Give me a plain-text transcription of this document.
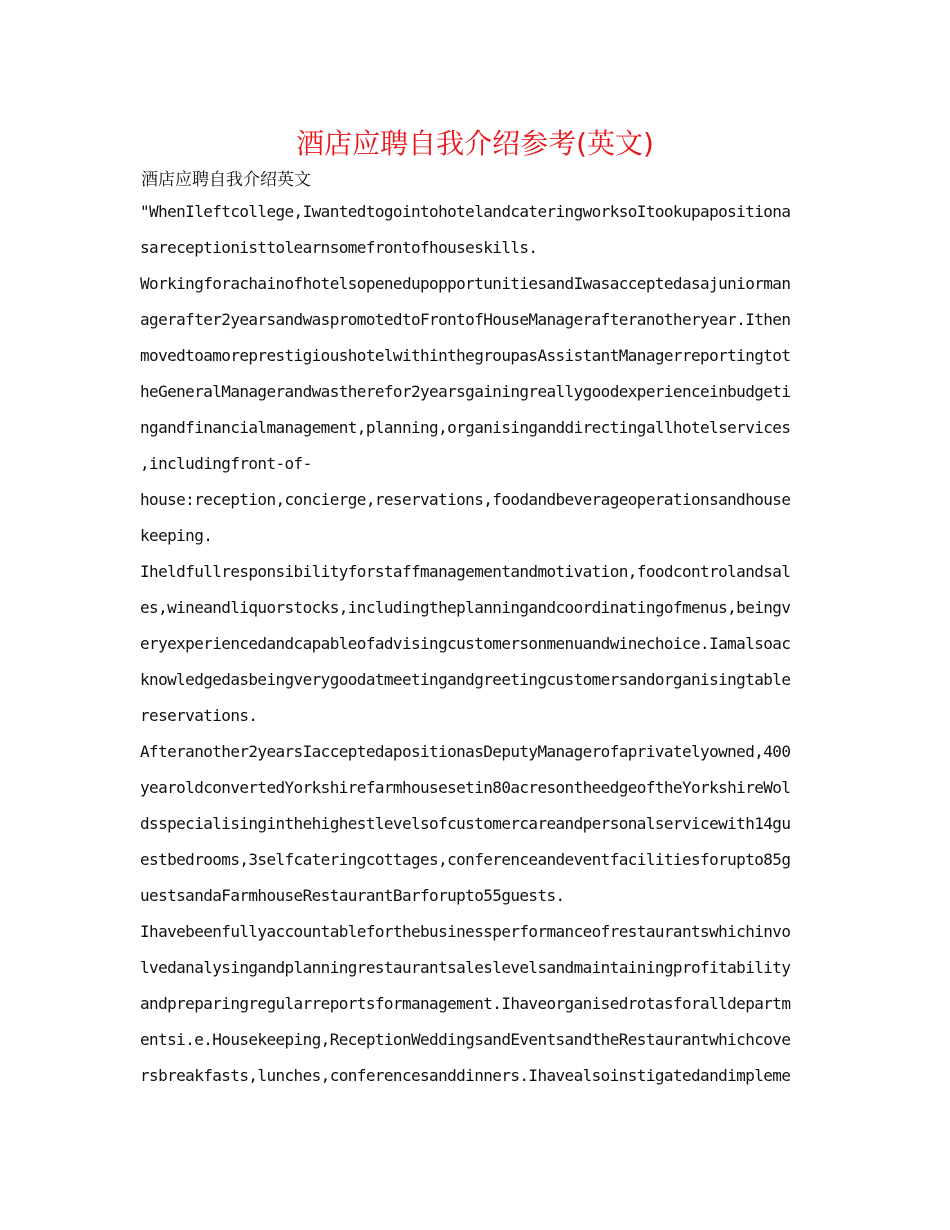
酒店应聘自我介绍参考(英文)
酒店应聘自我介绍英文
"WhenIleftcollege,IwantedtogointohotelandcateringworksoItookupapositiona
sareceptionisttolearnsomefrontofhouseskills.
WorkingforachainofhotelsopenedupopportunitiesandIwasacceptedasajuniorman
agerafter2yearsandwaspromotedtoFrontofHouseManagerafteranotheryear.Ithen
movedtoamoreprestigioushotelwithinthegroupasAssistantManagerreportingtot
heGeneralManagerandwastherefor2yearsgainingreallygoodexperienceinbudgeti
ngandfinancialmanagement,planning,organisinganddirectingallhotelservices
,includingfront-of-
house:reception,concierge,reservations,foodandbeverageoperationsandhouse
keeping.
Iheldfullresponsibilityforstaffmanagementandmotivation,foodcontrolandsal
es,wineandliquorstocks,includingtheplanningandcoordinatingofmenus,beingv
eryexperiencedandcapableofadvisingcustomersonmenuandwinechoice.Iamalsoac
knowledgedasbeingverygoodatmeetingandgreetingcustomersandorganisingtable
reservations.
Afteranother2yearsIacceptedapositionasDeputyManagerofaprivatelyowned,400
yearoldconvertedYorkshirefarmhousesetin80acresontheedgeoftheYorkshireWol
dsspecialisinginthehighestlevelsofcustomercareandpersonalservicewith14gu
estbedrooms,3selfcateringcottages,conferenceandeventfacilitiesforupto85g
uestsandaFarmhouseRestaurantBarforupto55guests.
Ihavebeenfullyaccountableforthebusinessperformanceofrestaurantswhichinvo
lvedanalysingandplanningrestaurantsaleslevelsandmaintainingprofitability
andpreparingregularreportsformanagement.Ihaveorganisedrotasforalldepartm
entsi.e.Housekeeping,ReceptionWeddingsandEventsandtheRestaurantwhichcove
rsbreakfasts,lunches,conferencesanddinners.Ihavealsoinstigatedandimpleme
